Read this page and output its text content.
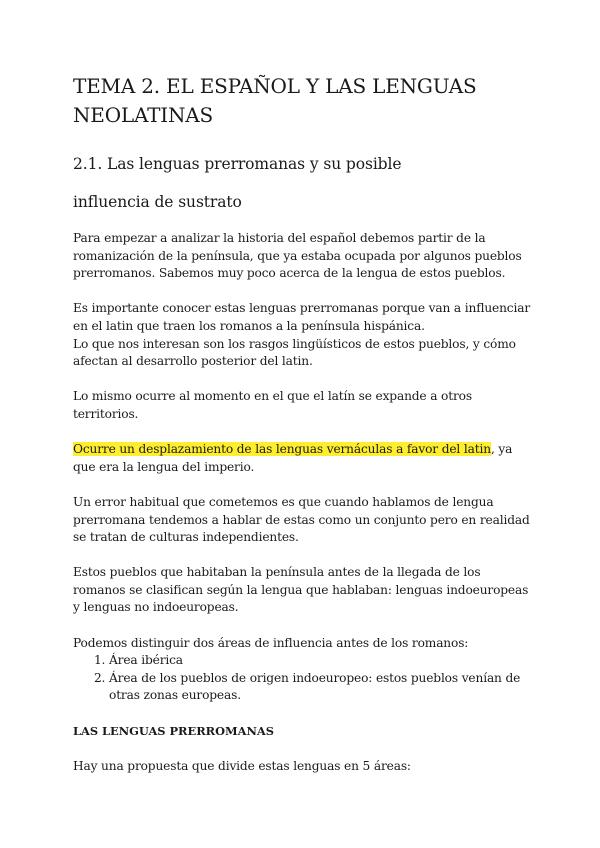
TEMA 2. EL ESPAÑOL Y LAS LENGUAS NEOLATINAS
2.1. Las lenguas prerromanas y su posible
influencia de sustrato

Para empezar a analizar la historia del español debemos partir de la romanización de la península, que ya estaba ocupada por algunos pueblos prerromanos. Sabemos muy poco acerca de la lengua de estos pueblos.

Es importante conocer estas lenguas prerromanas porque van a influenciar en el latin que traen los romanos a la península hispánica.

Lo que nos interesan son los rasgos lingüísticos de estos pueblos, y cómo afectan al desarrollo posterior del latin.

Lo mismo ocurre al momento en el que el latín se expande a otros territorios.

Ocurre un desplazamiento de las lenguas vernáculas a favor del latin, ya que era la lengua del imperio.

Un error habitual que cometemos es que cuando hablamos de lengua prerromana tendemos a hablar de estas como un conjunto pero en realidad se tratan de culturas independientes.

Estos pueblos que habitaban la península antes de la llegada de los romanos se clasifican según la lengua que hablaban: lenguas indoeuropeas y lenguas no indoeuropeas.

Podemos distinguir dos áreas de influencia antes de los romanos:

1. Área ibérica
2. Área de los pueblos de origen indoeuropeo: estos pueblos venían de otras zonas europeas.

LAS LENGUAS PRERROMANAS

Hay una propuesta que divide estas lenguas en 5 áreas:
